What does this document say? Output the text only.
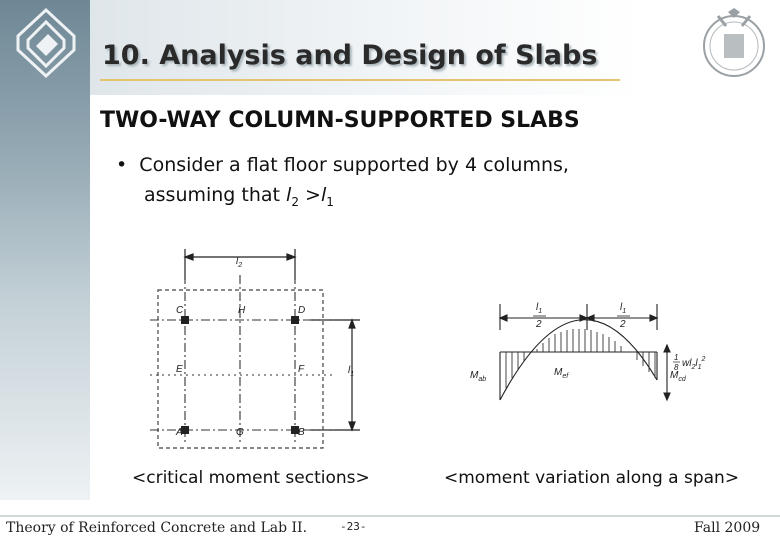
10. Analysis and Design of Slabs
TWO-WAY COLUMN-SUPPORTED SLABS
•  Consider a flat floor supported by 4 columns,
assuming that $l_2 >l_1$
$l_2$
$l_1$
C	H	D
E	F
A	G	B
$l_1$
2
$l_1$
2
$M_{ab}$
$M_{ef}$	$M_{cd}$
1
8 $wl_2l_1^2$
<critical moment sections>	<moment variation along a span>
Theory of Reinforced Concrete and Lab II.	-23-	Fall 2009
